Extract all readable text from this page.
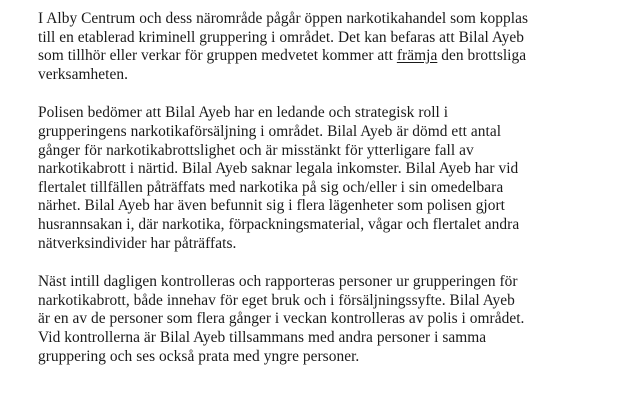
I Alby Centrum och dess närområde pågår öppen narkotikahandel som kopplas
till en etablerad kriminell gruppering i området. Det kan befaras att Bilal Ayeb
som tillhör eller verkar för gruppen medvetet kommer att främja den brottsliga
verksamheten.
Polisen bedömer att Bilal Ayeb har en ledande och strategisk roll i
grupperingens narkotikaförsäljning i området. Bilal Ayeb är dömd ett antal
gånger för narkotikabrottslighet och är misstänkt för ytterligare fall av
narkotikabrott i närtid. Bilal Ayeb saknar legala inkomster. Bilal Ayeb har vid
flertalet tillfällen påträffats med narkotika på sig och/eller i sin omedelbara
närhet. Bilal Ayeb har även befunnit sig i flera lägenheter som polisen gjort
husrannsakan i, där narkotika, förpackningsmaterial, vågar och flertalet andra
nätverksindivider har påträffats.
Näst intill dagligen kontrolleras och rapporteras personer ur grupperingen för
narkotikabrott, både innehav för eget bruk och i försäljningssyfte. Bilal Ayeb
är en av de personer som flera gånger i veckan kontrolleras av polis i området.
Vid kontrollerna är Bilal Ayeb tillsammans med andra personer i samma
gruppering och ses också prata med yngre personer.
